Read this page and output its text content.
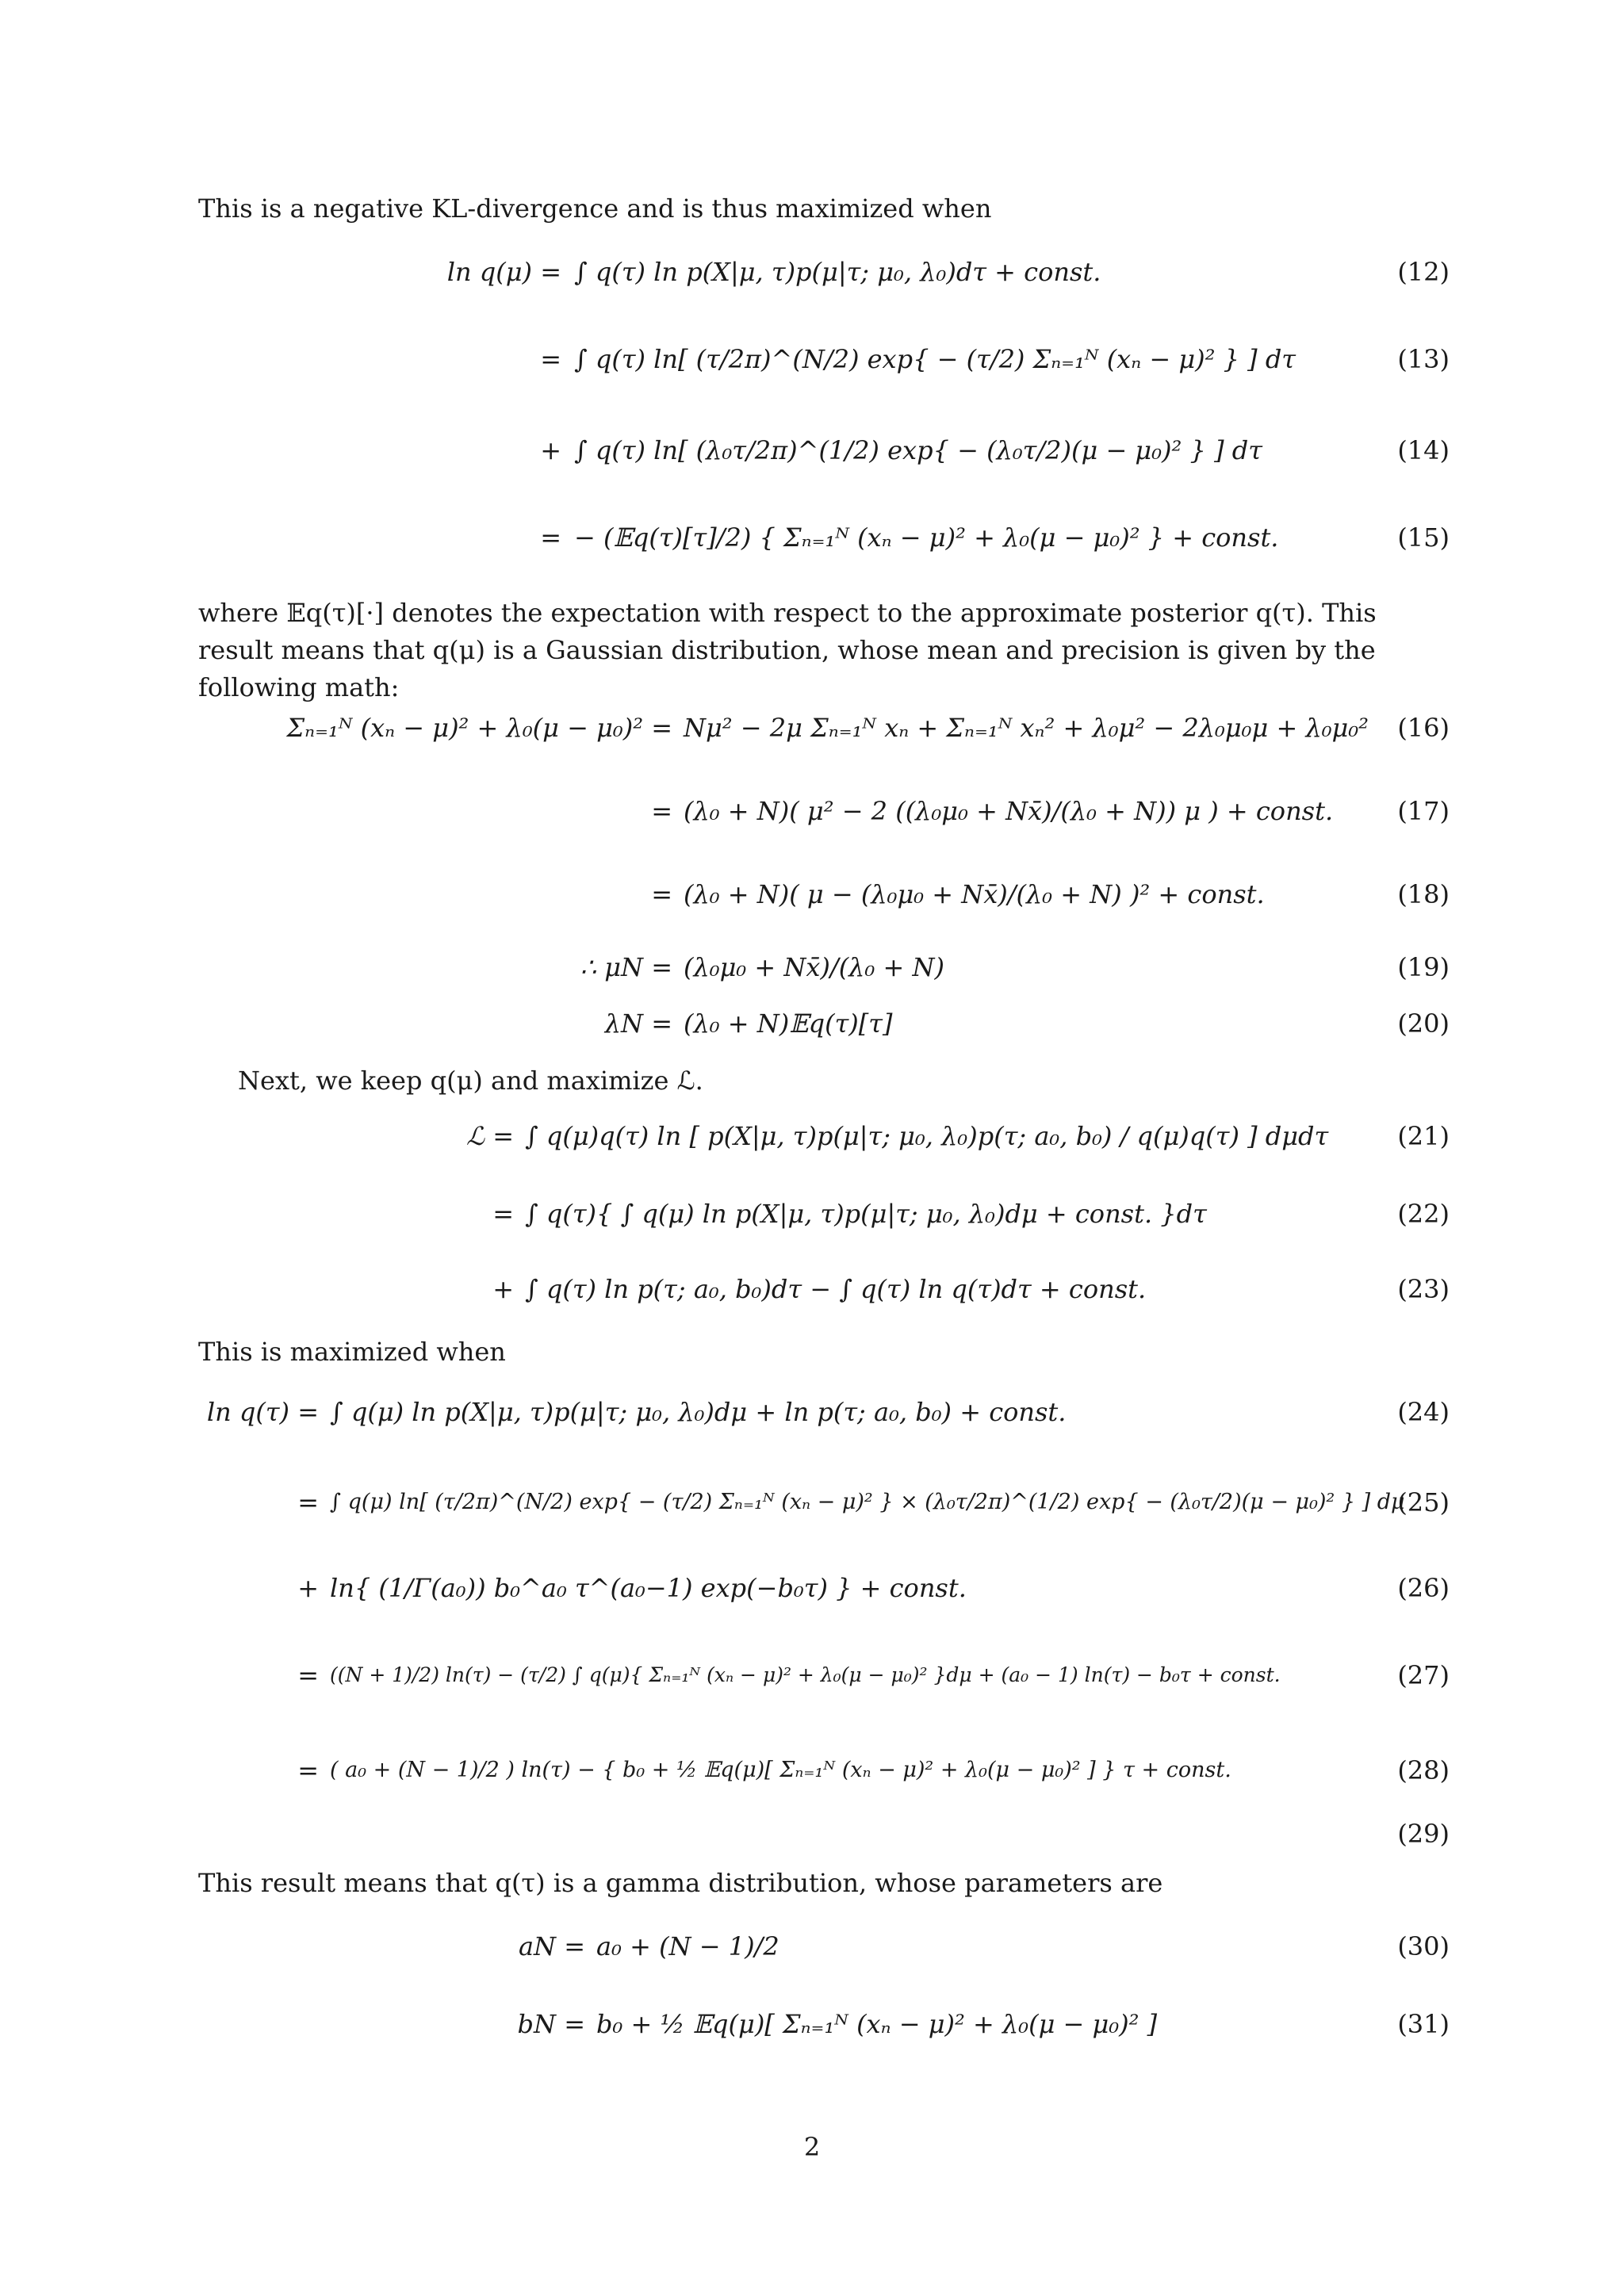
This is a negative KL-divergence and is thus maximized when

ln q(μ) = ∫ q(τ) ln p(X|μ, τ)p(μ|τ; μ₀, λ₀)dτ + const.	(12)
= ∫ q(τ) ln[ (τ/2π)^(N/2) exp{ − (τ/2) Σₙ₌₁ᴺ (xₙ − μ)² } ] dτ	(13)
+ ∫ q(τ) ln[ (λ₀τ/2π)^(1/2) exp{ − (λ₀τ/2)(μ − μ₀)² } ] dτ	(14)
= − (𝔼q(τ)[τ]/2) { Σₙ₌₁ᴺ (xₙ − μ)² + λ₀(μ − μ₀)² } + const.	(15)

where 𝔼q(τ)[·] denotes the expectation with respect to the approximate posterior q(τ). This result means that q(μ) is a Gaussian distribution, whose mean and precision is given by the following math:

Σₙ₌₁ᴺ (xₙ − μ)² + λ₀(μ − μ₀)² = Nμ² − 2μ Σₙ₌₁ᴺ xₙ + Σₙ₌₁ᴺ xₙ² + λ₀μ² − 2λ₀μ₀μ + λ₀μ₀² (16)
= (λ₀ + N)( μ² − 2 ((λ₀μ₀ + Nx̄)/(λ₀ + N)) μ ) + const.	(17)
= (λ₀ + N)( μ − (λ₀μ₀ + Nx̄)/(λ₀ + N) )² + const.	(18)
∴ μN = (λ₀μ₀ + Nx̄)/(λ₀ + N)	(19)
λN = (λ₀ + N)𝔼q(τ)[τ]	(20)

Next, we keep q(μ) and maximize ℒ.

ℒ = ∫ q(μ)q(τ) ln [ p(X|μ, τ)p(μ|τ; μ₀, λ₀)p(τ; a₀, b₀) / q(μ)q(τ) ] dμdτ	(21)
= ∫ q(τ){ ∫ q(μ) ln p(X|μ, τ)p(μ|τ; μ₀, λ₀)dμ + const. }dτ	(22)
+ ∫ q(τ) ln p(τ; a₀, b₀)dτ − ∫ q(τ) ln q(τ)dτ + const.	(23)

This is maximized when

ln q(τ) = ∫ q(μ) ln p(X|μ, τ)p(μ|τ; μ₀, λ₀)dμ + ln p(τ; a₀, b₀) + const.	(24)
= ∫ q(μ) ln[ (τ/2π)^(N/2) exp{ − (τ/2) Σₙ₌₁ᴺ (xₙ − μ)² } × (λ₀τ/2π)^(1/2) exp{ − (λ₀τ/2)(μ − μ₀)² } ] dμ
(25)
+ ln{ (1/Γ(a₀)) b₀^a₀ τ^(a₀−1) exp(−b₀τ) } + const.	(26)
= ((N + 1)/2) ln(τ) − (τ/2) ∫ q(μ){ Σₙ₌₁ᴺ (xₙ − μ)² + λ₀(μ − μ₀)² }dμ + (a₀ − 1) ln(τ) − b₀τ + const.	(27)
= ( a₀ + (N − 1)/2 ) ln(τ) − { b₀ + ½ 𝔼q(μ)[ Σₙ₌₁ᴺ (xₙ − μ)² + λ₀(μ − μ₀)² ] } τ + const.	(28)
(29)

This result means that q(τ) is a gamma distribution, whose parameters are

aN = a₀ + (N − 1)/2	(30)
bN = b₀ + ½ 𝔼q(μ)[ Σₙ₌₁ᴺ (xₙ − μ)² + λ₀(μ − μ₀)² ]	(31)
2
